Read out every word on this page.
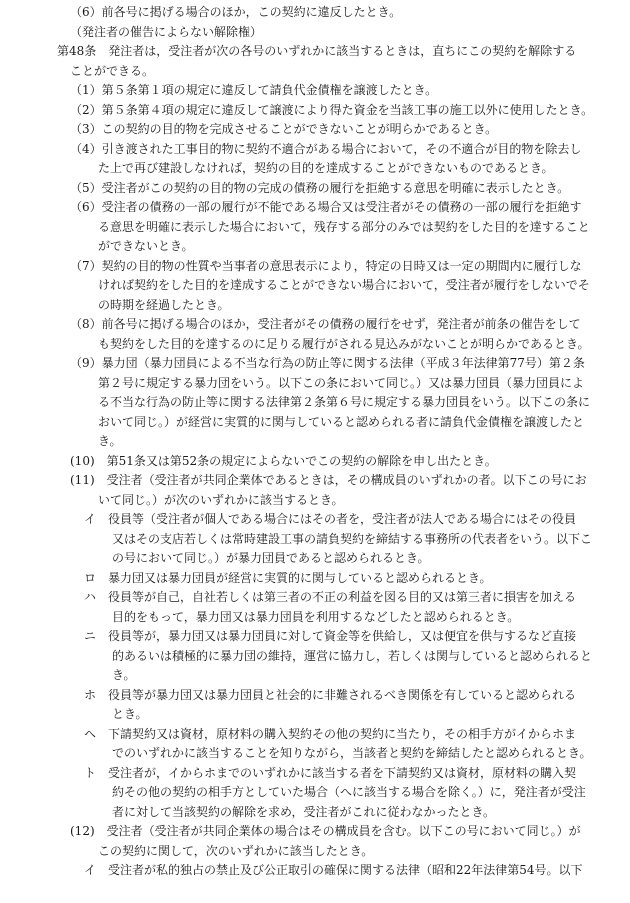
（6）前各号に掲げる場合のほか，この契約に違反したとき。
（発注者の催告によらない解除権）
第48条　発注者は，受注者が次の各号のいずれかに該当するときは，直ちにこの契約を解除する
ことができる。
（1）第５条第１項の規定に違反して請負代金債権を譲渡したとき。
（2）第５条第４項の規定に違反して譲渡により得た資金を当該工事の施工以外に使用したとき。
（3）この契約の目的物を完成させることができないことが明らかであるとき。
（4）引き渡された工事目的物に契約不適合がある場合において，その不適合が目的物を除去し
た上で再び建設しなければ，契約の目的を達成することができないものであるとき。
（5）受注者がこの契約の目的物の完成の債務の履行を拒絶する意思を明確に表示したとき。
（6）受注者の債務の一部の履行が不能である場合又は受注者がその債務の一部の履行を拒絶す
る意思を明確に表示した場合において，残存する部分のみでは契約をした目的を達すること
ができないとき。
（7）契約の目的物の性質や当事者の意思表示により，特定の日時又は一定の期間内に履行しな
ければ契約をした目的を達成することができない場合において，受注者が履行をしないでそ
の時期を経過したとき。
（8）前各号に掲げる場合のほか，受注者がその債務の履行をせず，発注者が前条の催告をして
も契約をした目的を達するのに足りる履行がされる見込みがないことが明らかであるとき。
（9）暴力団（暴力団員による不当な行為の防止等に関する法律（平成３年法律第77号）第２条
第２号に規定する暴力団をいう。以下この条において同じ。）又は暴力団員（暴力団員によ
る不当な行為の防止等に関する法律第２条第６号に規定する暴力団員をいう。以下この条に
おいて同じ。）が経営に実質的に関与していると認められる者に請負代金債権を譲渡したと
き。
(10)　第51条又は第52条の規定によらないでこの契約の解除を申し出たとき。
(11)　受注者（受注者が共同企業体であるときは，その構成員のいずれかの者。以下この号にお
いて同じ。）が次のいずれかに該当するとき。
イ　役員等（受注者が個人である場合にはその者を，受注者が法人である場合にはその役員
又はその支店若しくは常時建設工事の請負契約を締結する事務所の代表者をいう。以下こ
の号において同じ。）が暴力団員であると認められるとき。
ロ　暴力団又は暴力団員が経営に実質的に関与していると認められるとき。
ハ　役員等が自己，自社若しくは第三者の不正の利益を図る目的又は第三者に損害を加える
目的をもって，暴力団又は暴力団員を利用するなどしたと認められるとき。
ニ　役員等が，暴力団又は暴力団員に対して資金等を供給し，又は便宜を供与するなど直接
的あるいは積極的に暴力団の維持，運営に協力し，若しくは関与していると認められると
き。
ホ　役員等が暴力団又は暴力団員と社会的に非難されるべき関係を有していると認められる
とき。
ヘ　下請契約又は資材，原材料の購入契約その他の契約に当たり，その相手方がイからホま
でのいずれかに該当することを知りながら，当該者と契約を締結したと認められるとき。
ト　受注者が，イからホまでのいずれかに該当する者を下請契約又は資材，原材料の購入契
約その他の契約の相手方としていた場合（へに該当する場合を除く。）に，発注者が受注
者に対して当該契約の解除を求め，受注者がこれに従わなかったとき。
(12)　受注者（受注者が共同企業体の場合はその構成員を含む。以下この号において同じ。）が
この契約に関して，次のいずれかに該当したとき。
イ　受注者が私的独占の禁止及び公正取引の確保に関する法律（昭和22年法律第54号。以下
